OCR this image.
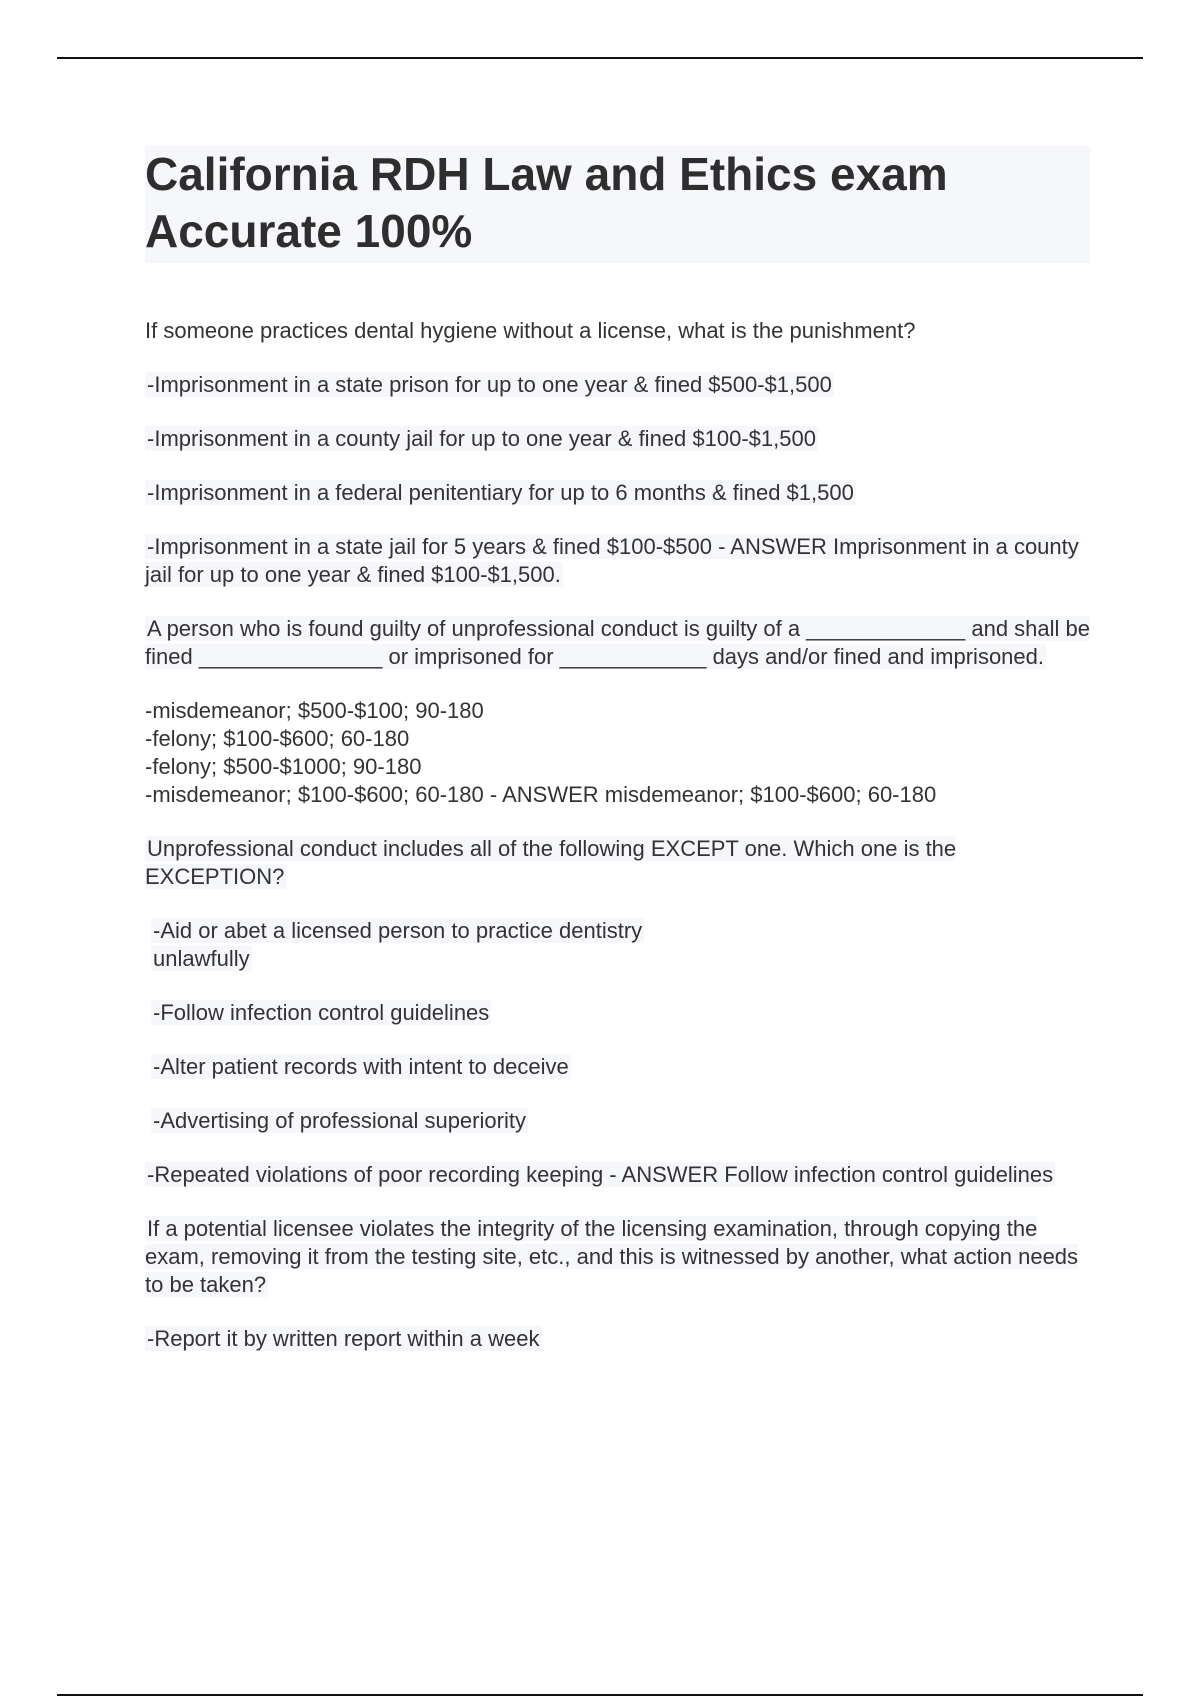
California RDH Law and Ethics exam
Accurate 100%

If someone practices dental hygiene without a license, what is the punishment?

-Imprisonment in a state prison for up to one year & fined $500-$1,500

-Imprisonment in a county jail for up to one year & fined $100-$1,500

-Imprisonment in a federal penitentiary for up to 6 months & fined $1,500

-Imprisonment in a state jail for 5 years & fined $100-$500 - ANSWER Imprisonment in a county jail for up to one year & fined $100-$1,500.

A person who is found guilty of unprofessional conduct is guilty of a _____________ and shall be fined _______________ or imprisoned for ____________ days and/or fined and imprisoned.

-misdemeanor; $500-$100; 90-180
-felony; $100-$600; 60-180
-felony; $500-$1000; 90-180
-misdemeanor; $100-$600; 60-180 - ANSWER misdemeanor; $100-$600; 60-180

Unprofessional conduct includes all of the following EXCEPT one. Which one is the EXCEPTION?

-Aid or abet a licensed person to practice dentistry
unlawfully

-Follow infection control guidelines

-Alter patient records with intent to deceive

-Advertising of professional superiority

-Repeated violations of poor recording keeping - ANSWER Follow infection control guidelines

If a potential licensee violates the integrity of the licensing examination, through copying the exam, removing it from the testing site, etc., and this is witnessed by another, what action needs to be taken?

-Report it by written report within a week
